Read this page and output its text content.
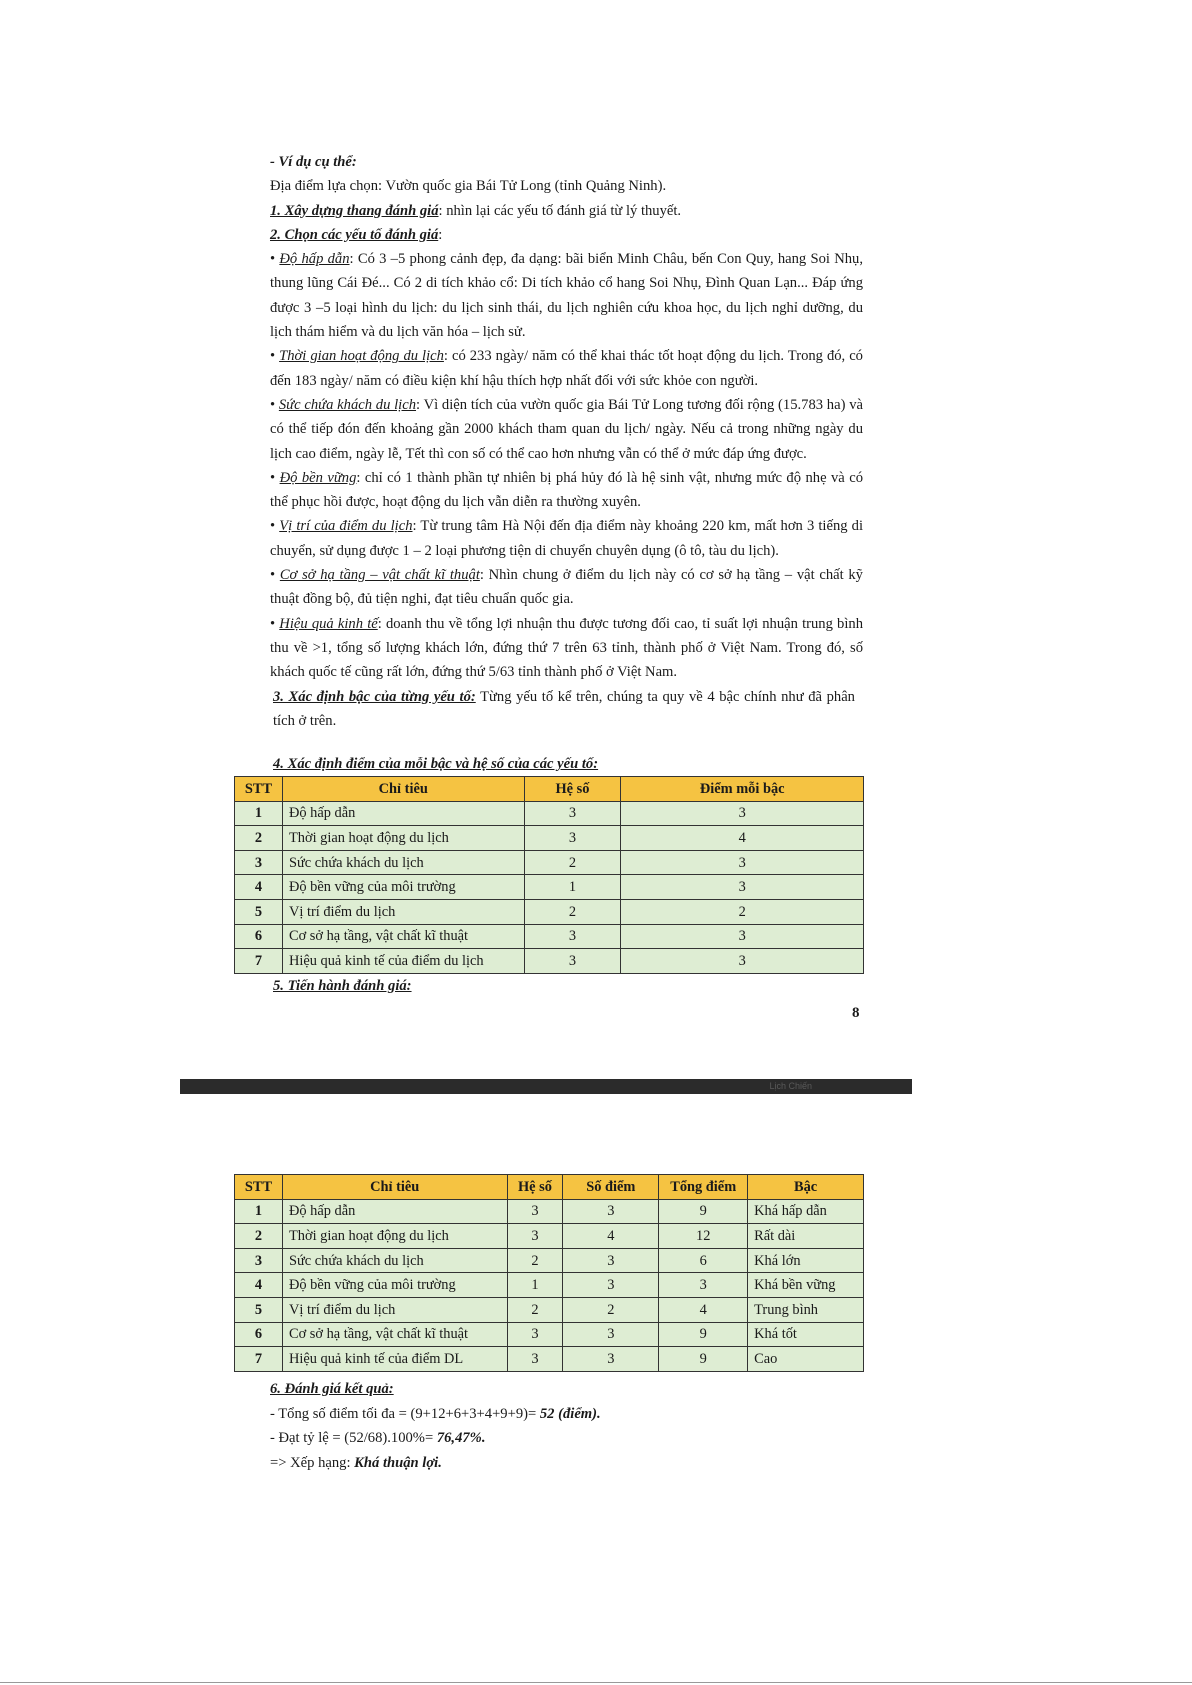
- Ví dụ cụ thể:
Địa điểm lựa chọn: Vườn quốc gia Bái Tử Long (tỉnh Quảng Ninh).
1. Xây dựng thang đánh giá: nhìn lại các yếu tố đánh giá từ lý thuyết.
2. Chọn các yếu tố đánh giá:

• Độ hấp dẫn: Có 3 –5 phong cảnh đẹp, đa dạng: bãi biển Minh Châu, bến Con Quy, hang Soi Nhụ, thung lũng Cái Đé... Có 2 di tích khảo cổ: Di tích khảo cổ hang Soi Nhụ, Đình Quan Lạn... Đáp ứng được 3 –5 loại hình du lịch: du lịch sinh thái, du lịch nghiên cứu khoa học, du lịch nghỉ dưỡng, du lịch thám hiểm và du lịch văn hóa – lịch sử.

• Thời gian hoạt động du lịch: có 233 ngày/ năm có thể khai thác tốt hoạt động du lịch. Trong đó, có đến 183 ngày/ năm có điều kiện khí hậu thích hợp nhất đối với sức khỏe con người.

• Sức chứa khách du lịch: Vì diện tích của vườn quốc gia Bái Tử Long tương đối rộng (15.783 ha) và có thể tiếp đón đến khoảng gần 2000 khách tham quan du lịch/ ngày. Nếu cả trong những ngày du lịch cao điểm, ngày lễ, Tết thì con số có thể cao hơn nhưng vẫn có thể ở mức đáp ứng được.

• Độ bền vững: chỉ có 1 thành phần tự nhiên bị phá hủy đó là hệ sinh vật, nhưng mức độ nhẹ và có thể phục hồi được, hoạt động du lịch vẫn diễn ra thường xuyên.

• Vị trí của điểm du lịch: Từ trung tâm Hà Nội đến địa điểm này khoảng 220 km, mất hơn 3 tiếng di chuyển, sử dụng được 1 – 2 loại phương tiện di chuyển chuyên dụng (ô tô, tàu du lịch).

• Cơ sở hạ tầng – vật chất kĩ thuật: Nhìn chung ở điểm du lịch này có cơ sở hạ tầng – vật chất kỹ thuật đồng bộ, đủ tiện nghi, đạt tiêu chuẩn quốc gia.

• Hiệu quả kinh tế: doanh thu về tổng lợi nhuận thu được tương đối cao, tỉ suất lợi nhuận trung bình thu về >1, tổng số lượng khách lớn, đứng thứ 7 trên 63 tỉnh, thành phố ở Việt Nam. Trong đó, số khách quốc tế cũng rất lớn, đứng thứ 5/63 tỉnh thành phố ở Việt Nam.

3. Xác định bậc của từng yếu tố: Từng yếu tố kể trên, chúng ta quy về 4 bậc chính như đã phân tích ở trên.

4. Xác định điểm của mỗi bậc và hệ số của các yếu tố:
STT	Chỉ tiêu	Hệ số	Điểm mỗi bậc
1	Độ hấp dẫn	3	3
2	Thời gian hoạt động du lịch	3	4
3	Sức chứa khách du lịch	2	3
4	Độ bền vững của môi trường	1	3
5	Vị trí điểm du lịch	2	2
6	Cơ sở hạ tầng, vật chất kĩ thuật	3	3
7	Hiệu quả kinh tế của điểm du lịch	3	3
5. Tiến hành đánh giá:
8
Lịch Chiến
STT	Chỉ tiêu	Hệ số	Số điểm	Tổng điểm	Bậc
1	Độ hấp dẫn	3	3	9	Khá hấp dẫn
2	Thời gian hoạt động du lịch	3	4	12	Rất dài
3	Sức chứa khách du lịch	2	3	6	Khá lớn
4	Độ bền vững của môi trường	1	3	3	Khá bền vững
5	Vị trí điểm du lịch	2	2	4	Trung bình
6	Cơ sở hạ tầng, vật chất kĩ thuật	3	3	9	Khá tốt
7	Hiệu quả kinh tế của điểm DL	3	3	9	Cao
6. Đánh giá kết quả:
- Tổng số điểm tối đa = (9+12+6+3+4+9+9)= 52 (điểm).
- Đạt tỷ lệ = (52/68).100%= 76,47%.
=> Xếp hạng: Khá thuận lợi.
